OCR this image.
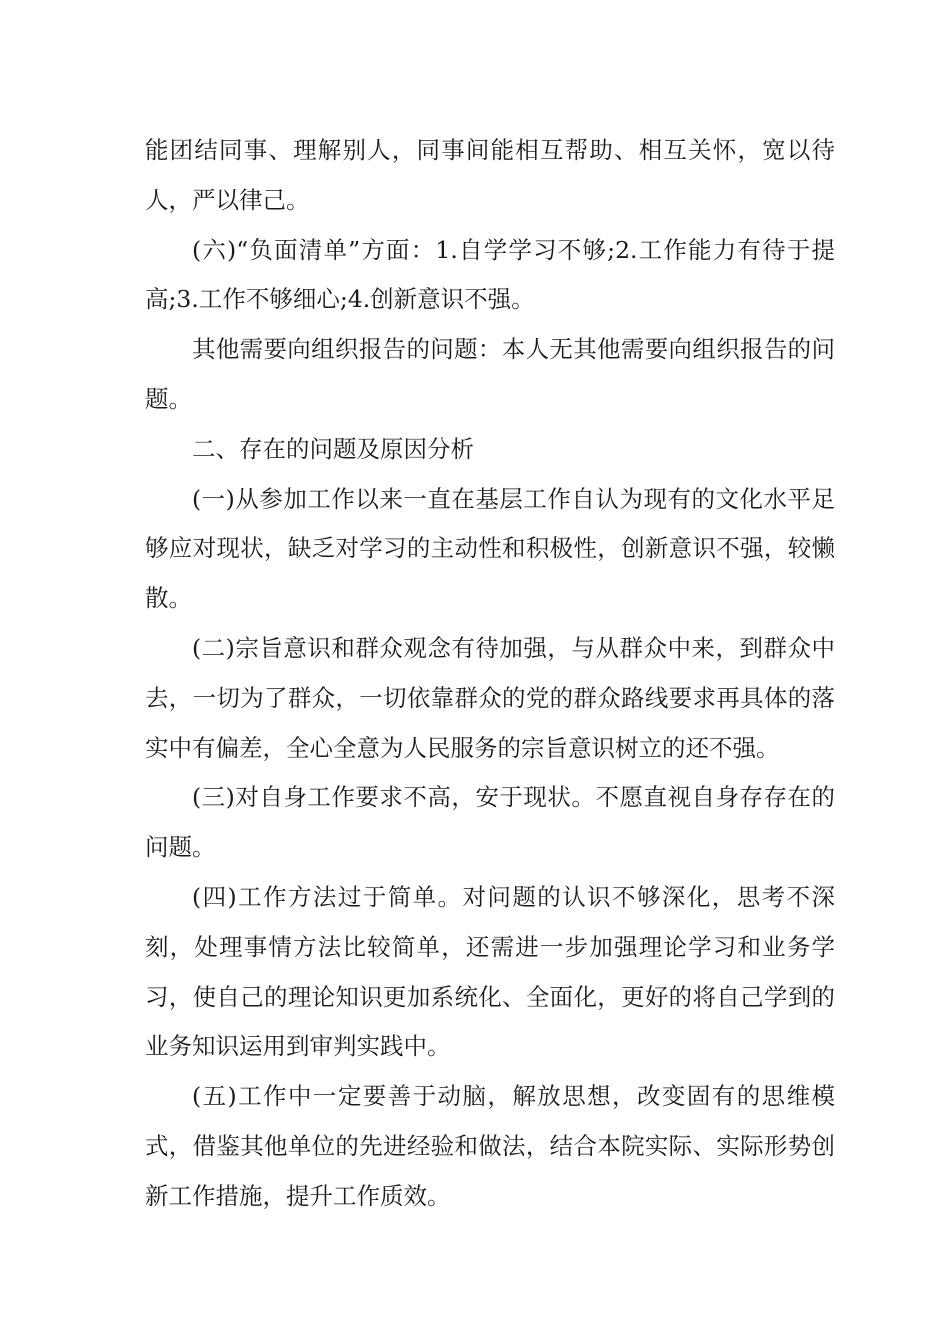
能团结同事、理解别人，同事间能相互帮助、相互关怀，宽以待人，严以律己。

(六)“负面清单”方面：1.自学学习不够;2.工作能力有待于提高;3.工作不够细心;4.创新意识不强。

其他需要向组织报告的问题：本人无其他需要向组织报告的问题。

二、存在的问题及原因分析

(一)从参加工作以来一直在基层工作自认为现有的文化水平足够应对现状，缺乏对学习的主动性和积极性，创新意识不强，较懒散。

(二)宗旨意识和群众观念有待加强，与从群众中来，到群众中去，一切为了群众，一切依靠群众的党的群众路线要求再具体的落实中有偏差，全心全意为人民服务的宗旨意识树立的还不强。

(三)对自身工作要求不高，安于现状。不愿直视自身存存在的问题。

(四)工作方法过于简单。对问题的认识不够深化，思考不深刻，处理事情方法比较简单，还需进一步加强理论学习和业务学习，使自己的理论知识更加系统化、全面化，更好的将自己学到的业务知识运用到审判实践中。

(五)工作中一定要善于动脑，解放思想，改变固有的思维模式，借鉴其他单位的先进经验和做法，结合本院实际、实际形势创新工作措施，提升工作质效。
